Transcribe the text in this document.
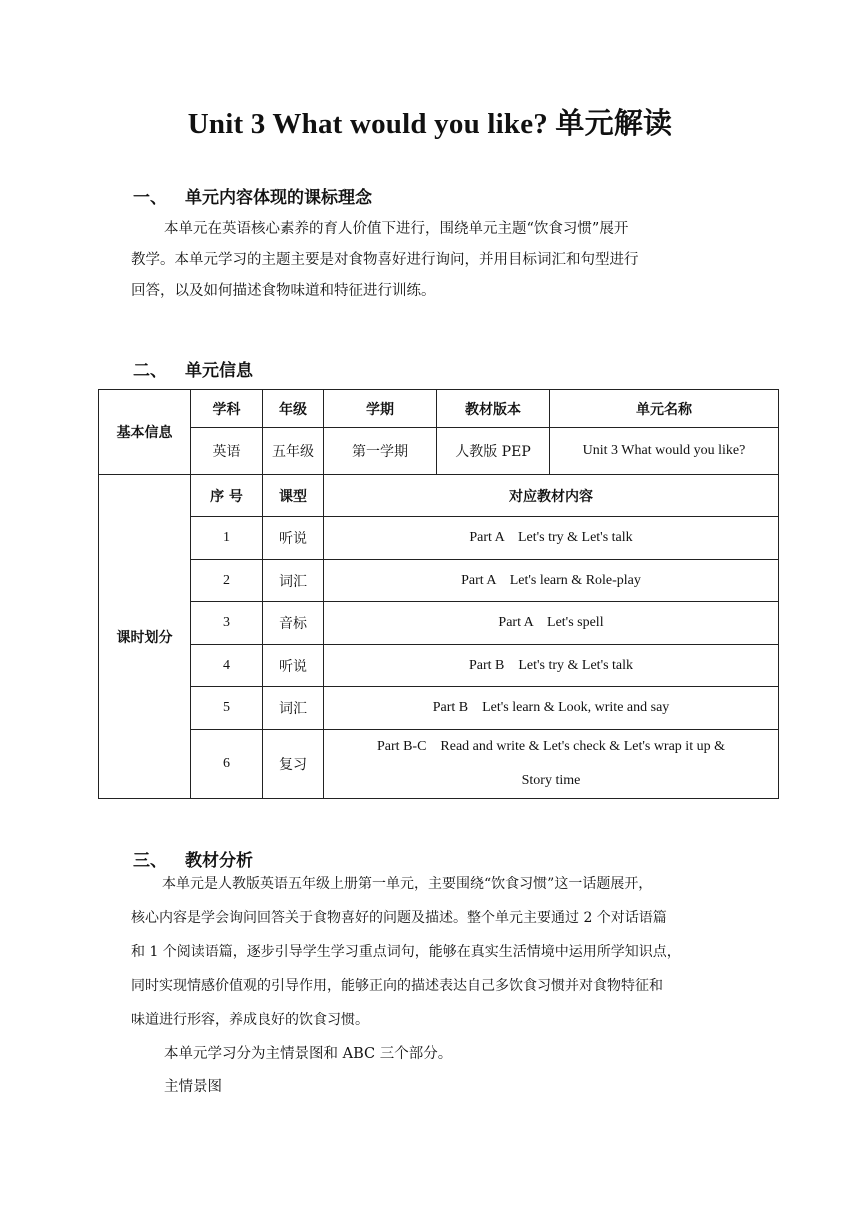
Unit 3 What would you like? 单元解读
一、	单元内容体现的课标理念
本单元在英语核心素养的育人价值下进行，围绕单元主题“饮食习惯”展开
教学。本单元学习的主题主要是对食物喜好进行询问，并用目标词汇和句型进行
回答，以及如何描述食物味道和特征进行训练。
二、	单元信息
基本信息	学科	年级	学期	教材版本	单元名称
	英语	五年级	第一学期	人教版 PEP	Unit 3 What would you like?
课时划分	序 号	课型	对应教材内容		
	1	听说	Part A    Let's try & Let's talk		
	2	词汇	Part A    Let's learn & Role-play		
	3	音标	Part A    Let's spell		
	4	听说	Part B    Let's try & Let's talk		
	5	词汇	Part B    Let's learn & Look, write and say		
	6	复习	Part B-C    Read and write & Let's check & Let's wrap it up &
Story time		
三、	教材分析
本单元是人教版英语五年级上册第一单元，主要围绕“饮食习惯”这一话题展开，
核心内容是学会询问回答关于食物喜好的问题及描述。整个单元主要通过 2 个对话语篇
和 1 个阅读语篇，逐步引导学生学习重点词句，能够在真实生活情境中运用所学知识点，
同时实现情感价值观的引导作用，能够正向的描述表达自己多饮食习惯并对食物特征和
味道进行形容，养成良好的饮食习惯。
本单元学习分为主情景图和 ABC 三个部分。
主情景图
